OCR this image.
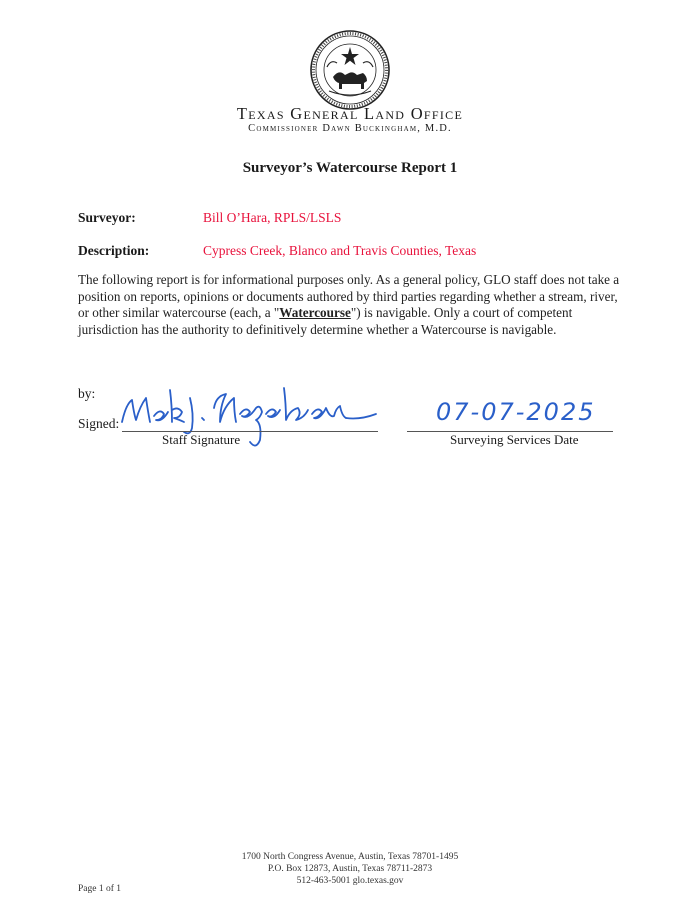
Texas General Land Office
Commissioner Dawn Buckingham, M.D.
Surveyor’s Watercourse Report 1
Surveyor:	Bill O’Hara, RPLS/LSLS
Description:	Cypress Creek, Blanco and Travis Counties, Texas
The following report is for informational purposes only. As a general policy, GLO staff does not take a position on reports, opinions or documents authored by third parties regarding whether a stream, river, or other similar watercourse (each, a "Watercourse") is navigable. Only a court of competent jurisdiction has the authority to definitively determine whether a Watercourse is navigable.
by:
Signed:
Staff Signature
07-07-2025
Surveying Services Date
1700 North Congress Avenue, Austin, Texas 78701-1495
P.O. Box 12873, Austin, Texas 78711-2873
512-463-5001 glo.texas.gov
Page 1 of 1
